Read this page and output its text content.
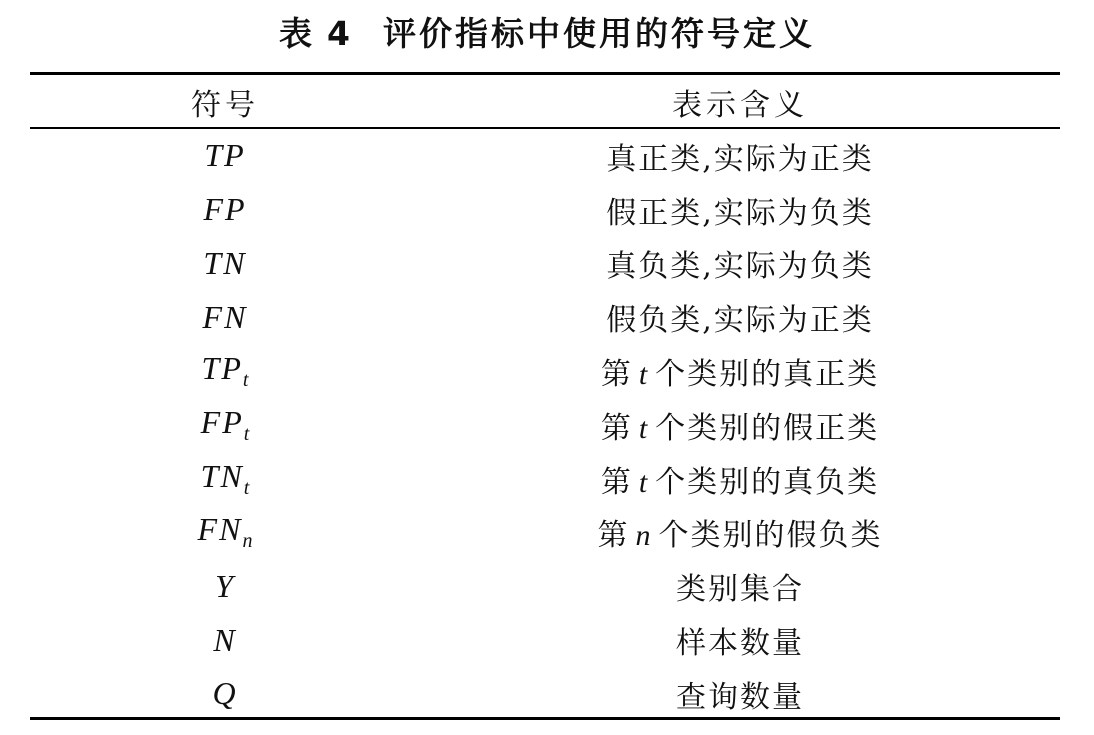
表 4 评价指标中使用的符号定义
符号	表示含义
TP	真正类,实际为正类
FP	假正类,实际为负类
TN	真负类,实际为负类
FN	假负类,实际为正类
$TP_t$	第 t 个类别的真正类
$FP_t$	第 t 个类别的假正类
$TN_t$	第 t 个类别的真负类
$FN_n$	第 n 个类别的假负类
Y	类别集合
N	样本数量
Q	查询数量
